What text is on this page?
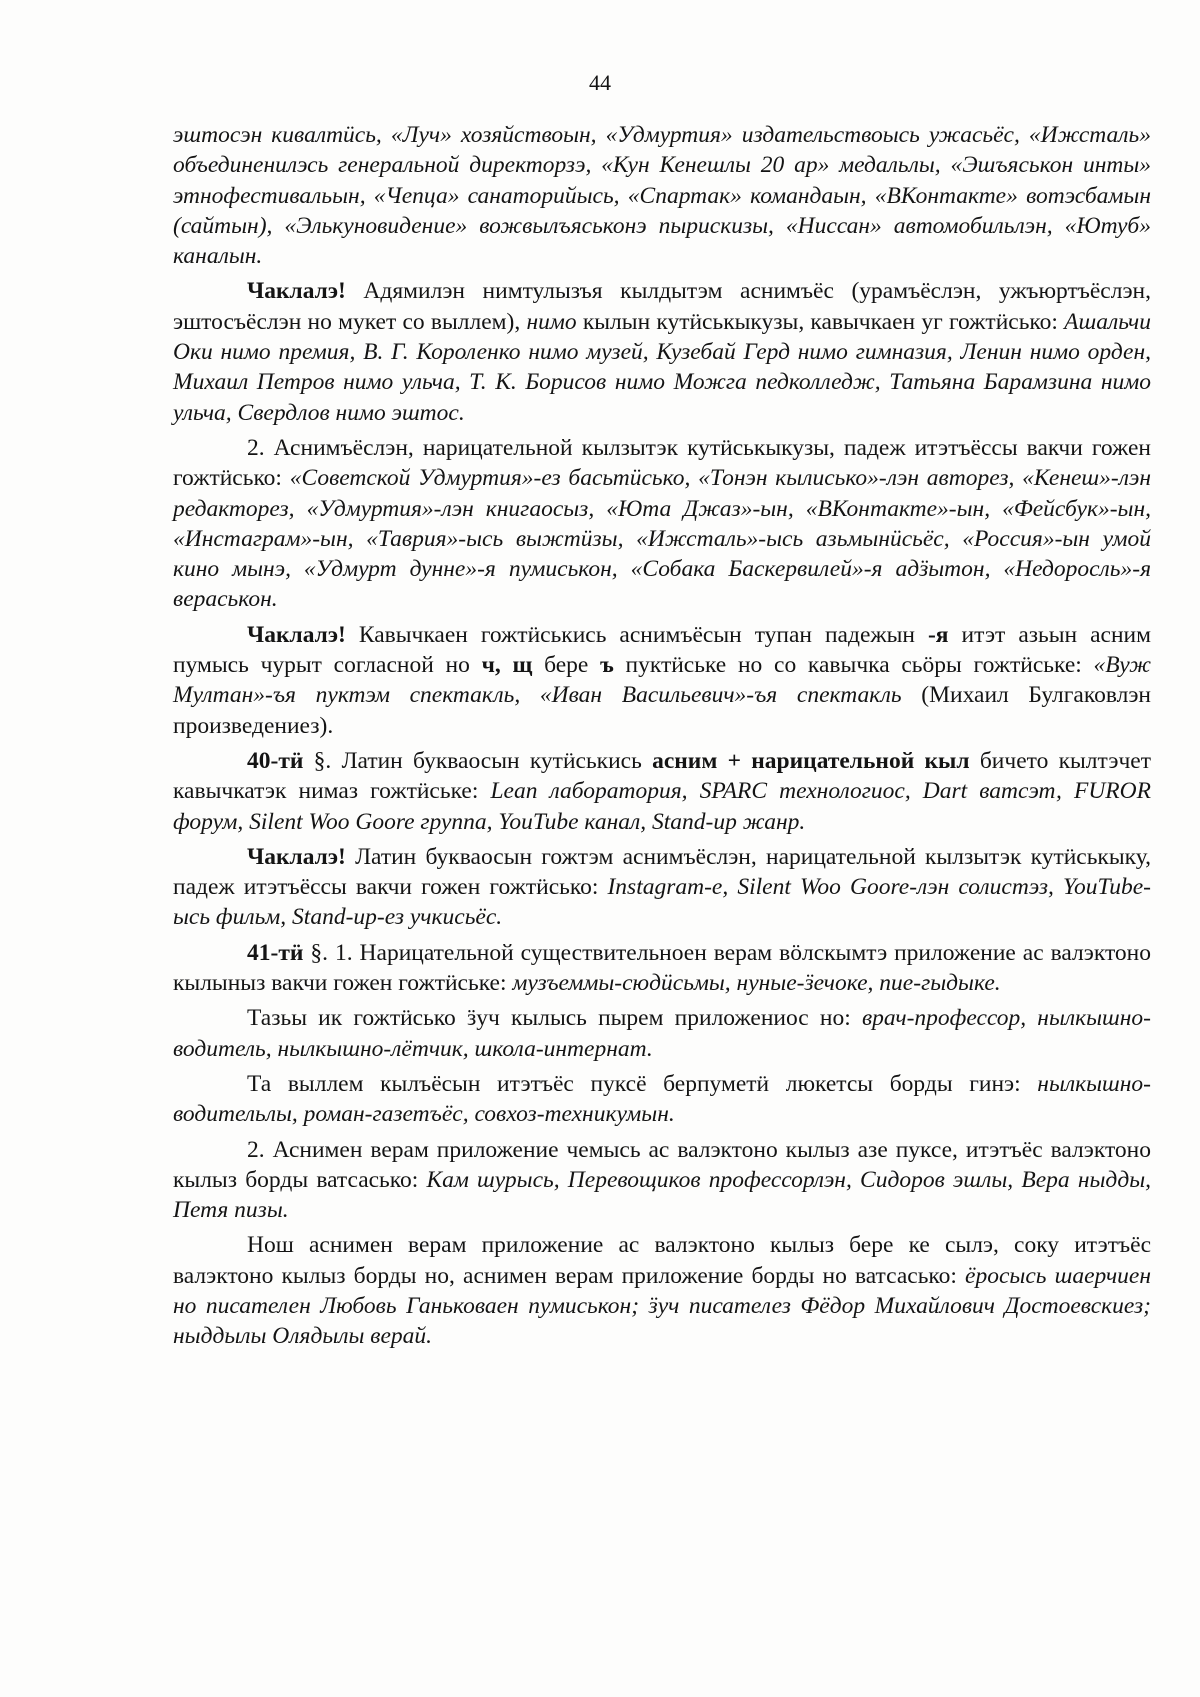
44

эштосэн кивалтӥсь, «Луч» хозяйствоын, «Удмуртия» издательствоысь ужасьёс, «Ижсталь» объединенилэсь генеральной директорзэ, «Кун Кенешлы 20 ар» медальлы, «Эшъяськон инты» этнофестивальын, «Чепца» санаторийысь, «Спартак» командаын, «ВКонтакте» вотэсбамын (сайтын), «Элькуновидение» вожвылъяськонэ пырискизы, «Ниссан» автомобильлэн, «Ютуб» каналын.

Чаклалэ! Адямилэн нимтулызъя кылдытэм аснимъёс (урамъёслэн, ужъюртъёслэн, эштосъёслэн но мукет со выллем), нимо кылын кутӥськыкузы, кавычкаен уг гожтӥсько: Ашальчи Оки нимо премия, В. Г. Короленко нимо музей, Кузебай Герд нимо гимназия, Ленин нимо орден, Михаил Петров нимо ульча, Т. К. Борисов нимо Можга педколледж, Татьяна Барамзина нимо ульча, Свердлов нимо эштос.

2. Аснимъёслэн, нарицательной кылзытэк кутӥськыкузы, падеж итэтъёссы вакчи гожен гожтӥсько: «Советской Удмуртия»-ез басьтӥсько, «Тонэн кылисько»-лэн авторез, «Кенеш»-лэн редакторез, «Удмуртия»-лэн книгаосыз, «Юта Джаз»-ын, «ВКонтакте»-ын, «Фейсбук»-ын, «Инстаграм»-ын, «Таврия»-ысь выжтӥзы, «Ижсталь»-ысь азьмынӥсьёс, «Россия»-ын умой кино мынэ, «Удмурт дунне»-я пумиськон, «Собака Баскервилей»-я адӟытон, «Недоросль»-я вераськон.

Чаклалэ! Кавычкаен гожтӥськись аснимъёсын тупан падежын -я итэт азьын асним пумысь чурыт согласной но ч, щ бере ъ пуктӥське но со кавычка сьӧры гожтӥське: «Вуж Мултан»-ъя пуктэм спектакль, «Иван Васильевич»-ъя спектакль (Михаил Булгаковлэн произведениез).

40-тӥ §. Латин букваосын кутӥськись асним + нарицательной кыл бичето кылтэчет кавычкатэк нимаз гожтӥське: Lean лаборатория, SPARC технологиос, Dart ватсэт, FUROR форум, Silent Woo Goore группа, YouTube канал, Stand-up жанр.

Чаклалэ! Латин букваосын гожтэм аснимъёслэн, нарицательной кылзытэк кутӥськыку, падеж итэтъёссы вакчи гожен гожтӥсько: Instagram-е, Silent Woo Goore-лэн солистэз, YouTube-ысь фильм, Stand-up-ез учкисьёс.

41-тӥ §. 1. Нарицательной существительноен верам вӧлскымтэ приложение ас валэктоно кылыныз вакчи гожен гожтӥське: музъеммы-сюдӥсьмы, нуные-ӟечоке, пие-гыдыке.

Тазьы ик гожтӥсько ӟуч кылысь пырем приложениос но: врач-профессор, нылкышно-водитель, нылкышно-лётчик, школа-интернат.

Та выллем кылъёсын итэтъёс пуксё берпуметӥ люкетсы борды гинэ: нылкышно-водительлы, роман-газетъёс, совхоз-техникумын.

2. Аснимен верам приложение чемысь ас валэктоно кылыз азе пуксе, итэтъёс валэктоно кылыз борды ватсасько: Кам шурысь, Перевощиков профессорлэн, Сидоров эшлы, Вера ныдды, Петя пизы.

Нош аснимен верам приложение ас валэктоно кылыз бере ке сылэ, соку итэтъёс валэктоно кылыз борды но, аснимен верам приложение борды но ватсасько: ёросысь шаерчиен но писателен Любовь Ганьковаен пумиськон; ӟуч писателез Фёдор Михайлович Достоевскиез; ныддылы Олядылы верай.
